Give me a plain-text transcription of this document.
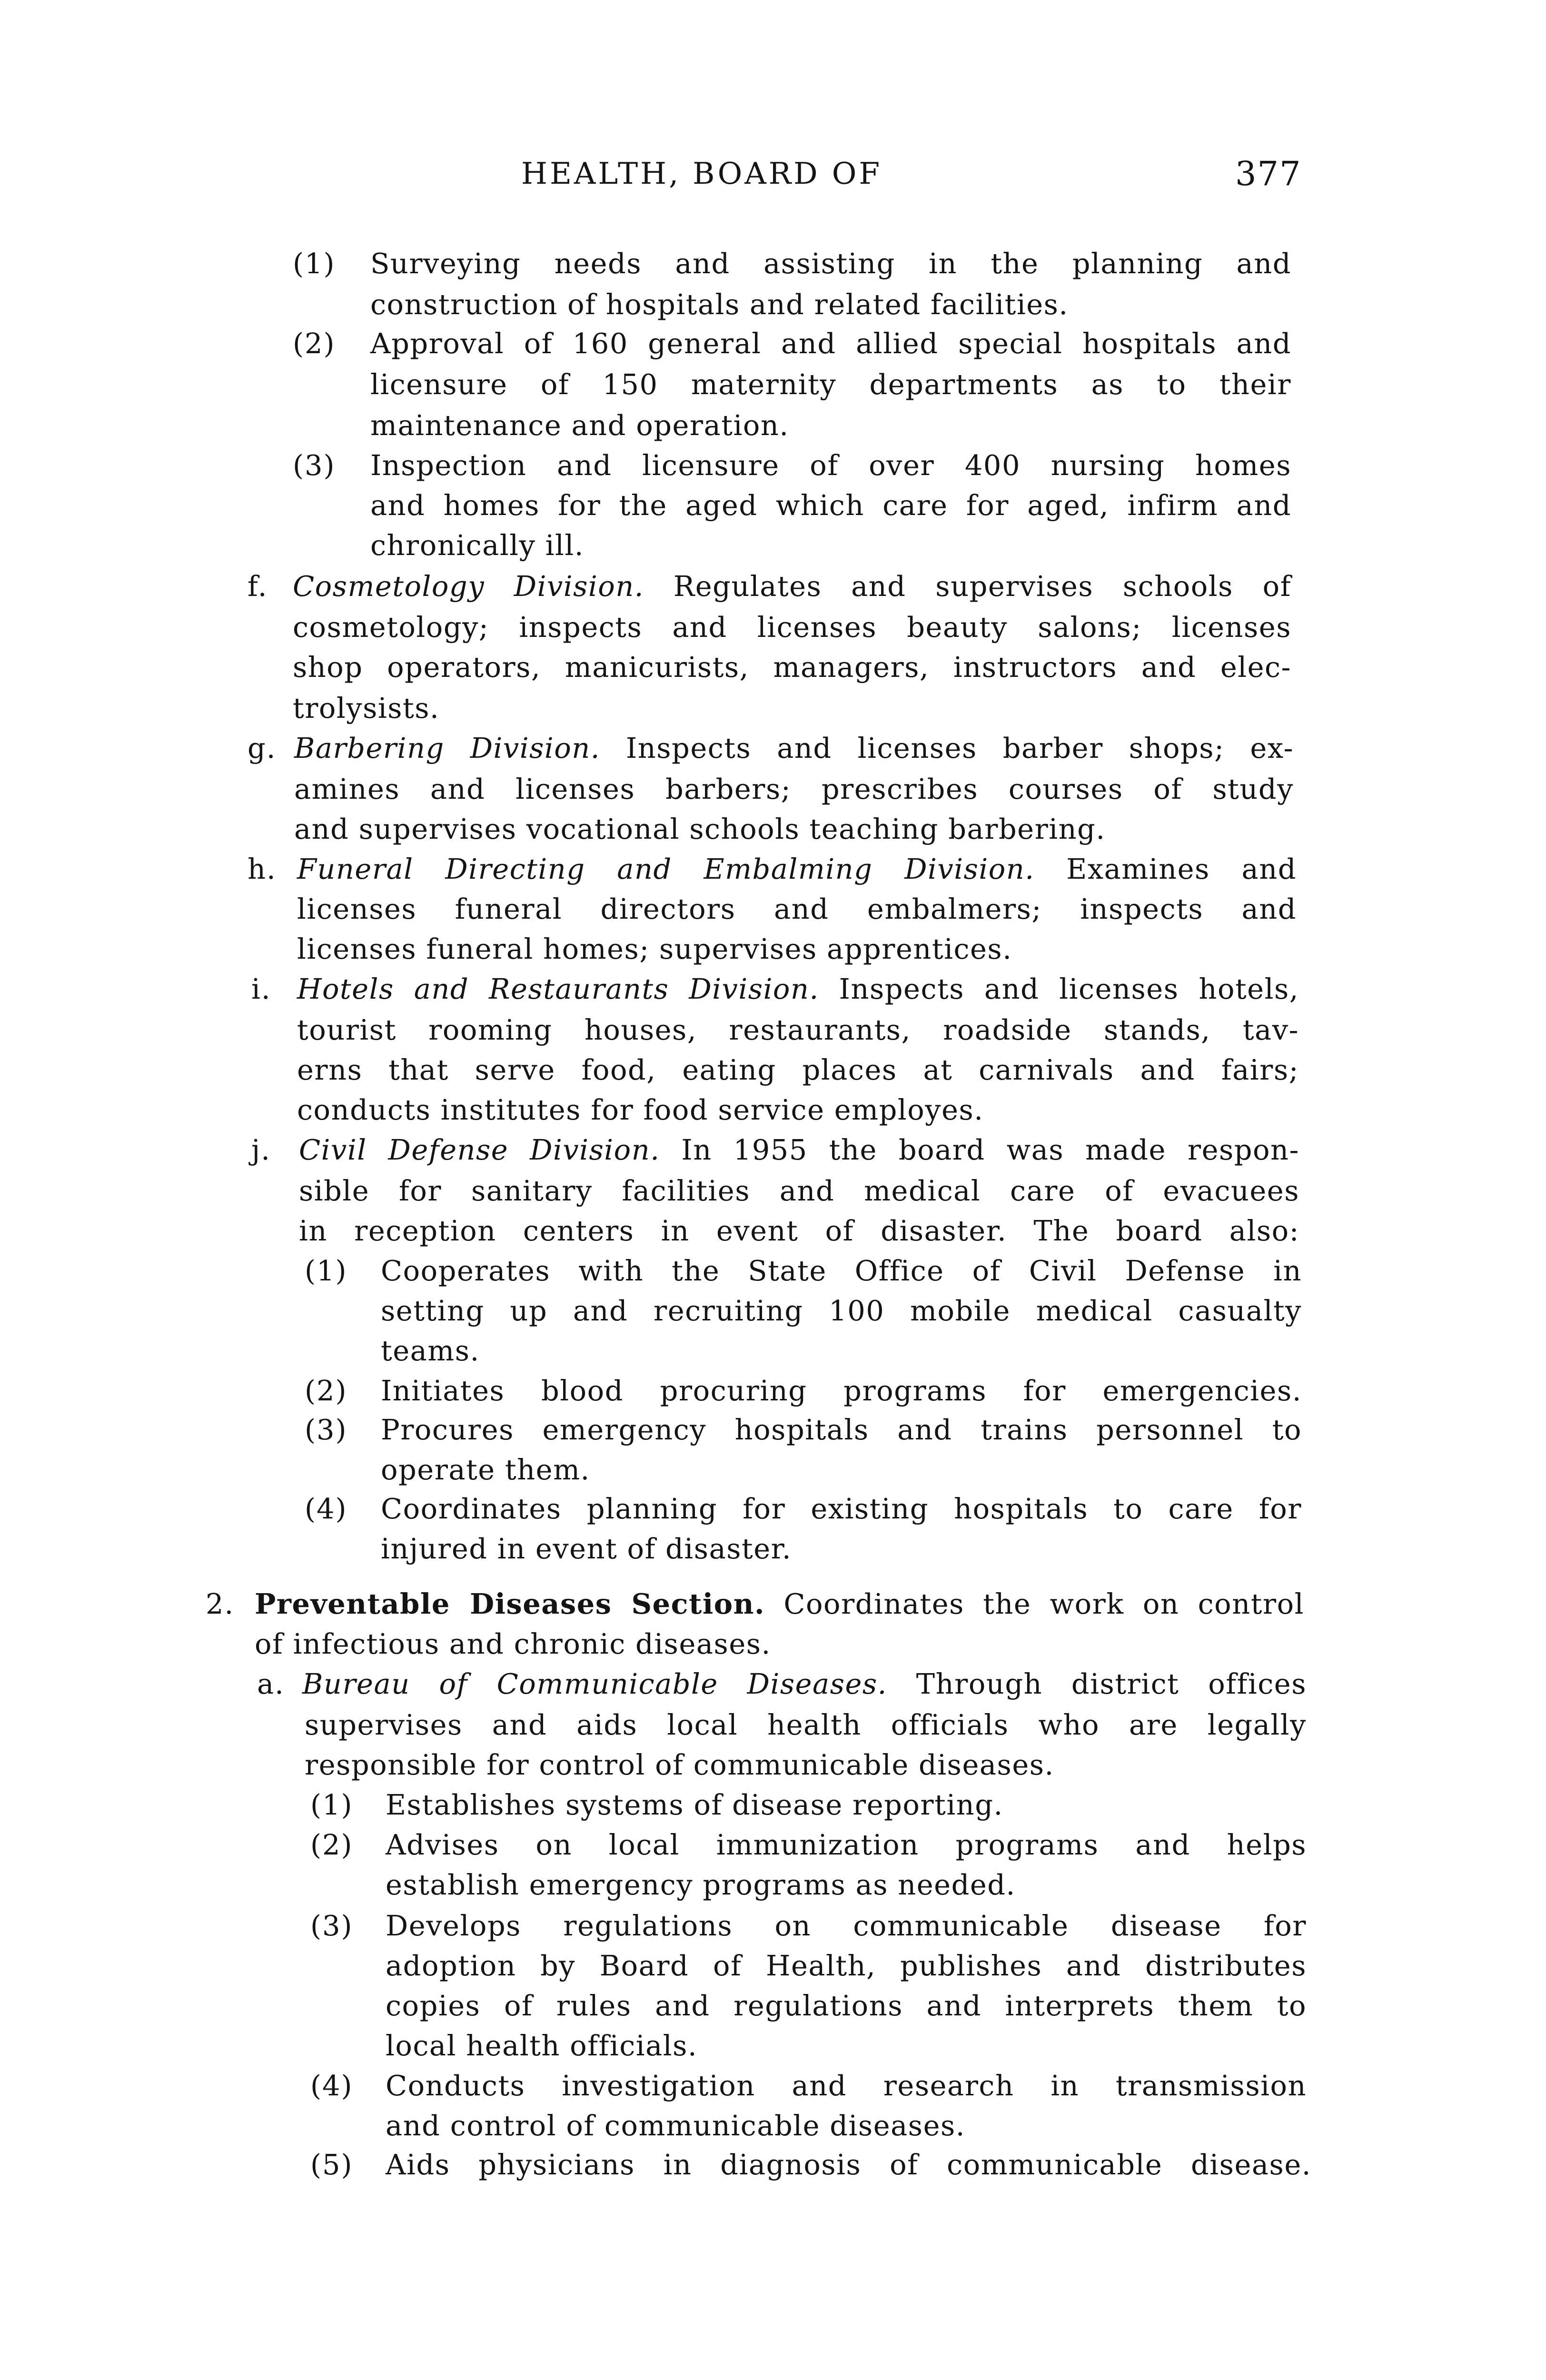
HEALTH, BOARD OF	377
(1) Surveying needs and assisting in the planning and
construction of hospitals and related facilities.
(2) Approval of 160 general and allied special hospitals and
licensure of 150 maternity departments as to their
maintenance and operation.
(3) Inspection and licensure of over 400 nursing homes
and homes for the aged which care for aged, infirm and
chronically ill.
f. Cosmetology Division. Regulates and supervises schools of
cosmetology; inspects and licenses beauty salons; licenses
shop operators, manicurists, managers, instructors and elec-
trolysists.
g. Barbering Division. Inspects and licenses barber shops; ex-
amines and licenses barbers; prescribes courses of study
and supervises vocational schools teaching barbering.
h. Funeral Directing and Embalming Division. Examines and
licenses funeral directors and embalmers; inspects and
licenses funeral homes; supervises apprentices.
i. Hotels and Restaurants Division. Inspects and licenses hotels,
tourist rooming houses, restaurants, roadside stands, tav-
erns that serve food, eating places at carnivals and fairs;
conducts institutes for food service employes.
j. Civil Defense Division. In 1955 the board was made respon-
sible for sanitary facilities and medical care of evacuees
in reception centers in event of disaster. The board also:
(1) Cooperates with the State Office of Civil Defense in
setting up and recruiting 100 mobile medical casualty
teams.
(2) Initiates blood procuring programs for emergencies.
(3) Procures emergency hospitals and trains personnel to
operate them.
(4) Coordinates planning for existing hospitals to care for
injured in event of disaster.
2. Preventable Diseases Section. Coordinates the work on control
of infectious and chronic diseases.
a. Bureau of Communicable Diseases. Through district offices
supervises and aids local health officials who are legally
responsible for control of communicable diseases.
(1) Establishes systems of disease reporting.
(2) Advises on local immunization programs and helps
establish emergency programs as needed.
(3) Develops regulations on communicable disease for
adoption by Board of Health, publishes and distributes
copies of rules and regulations and interprets them to
local health officials.
(4) Conducts investigation and research in transmission
and control of communicable diseases.
(5) Aids physicians in diagnosis of communicable disease.
